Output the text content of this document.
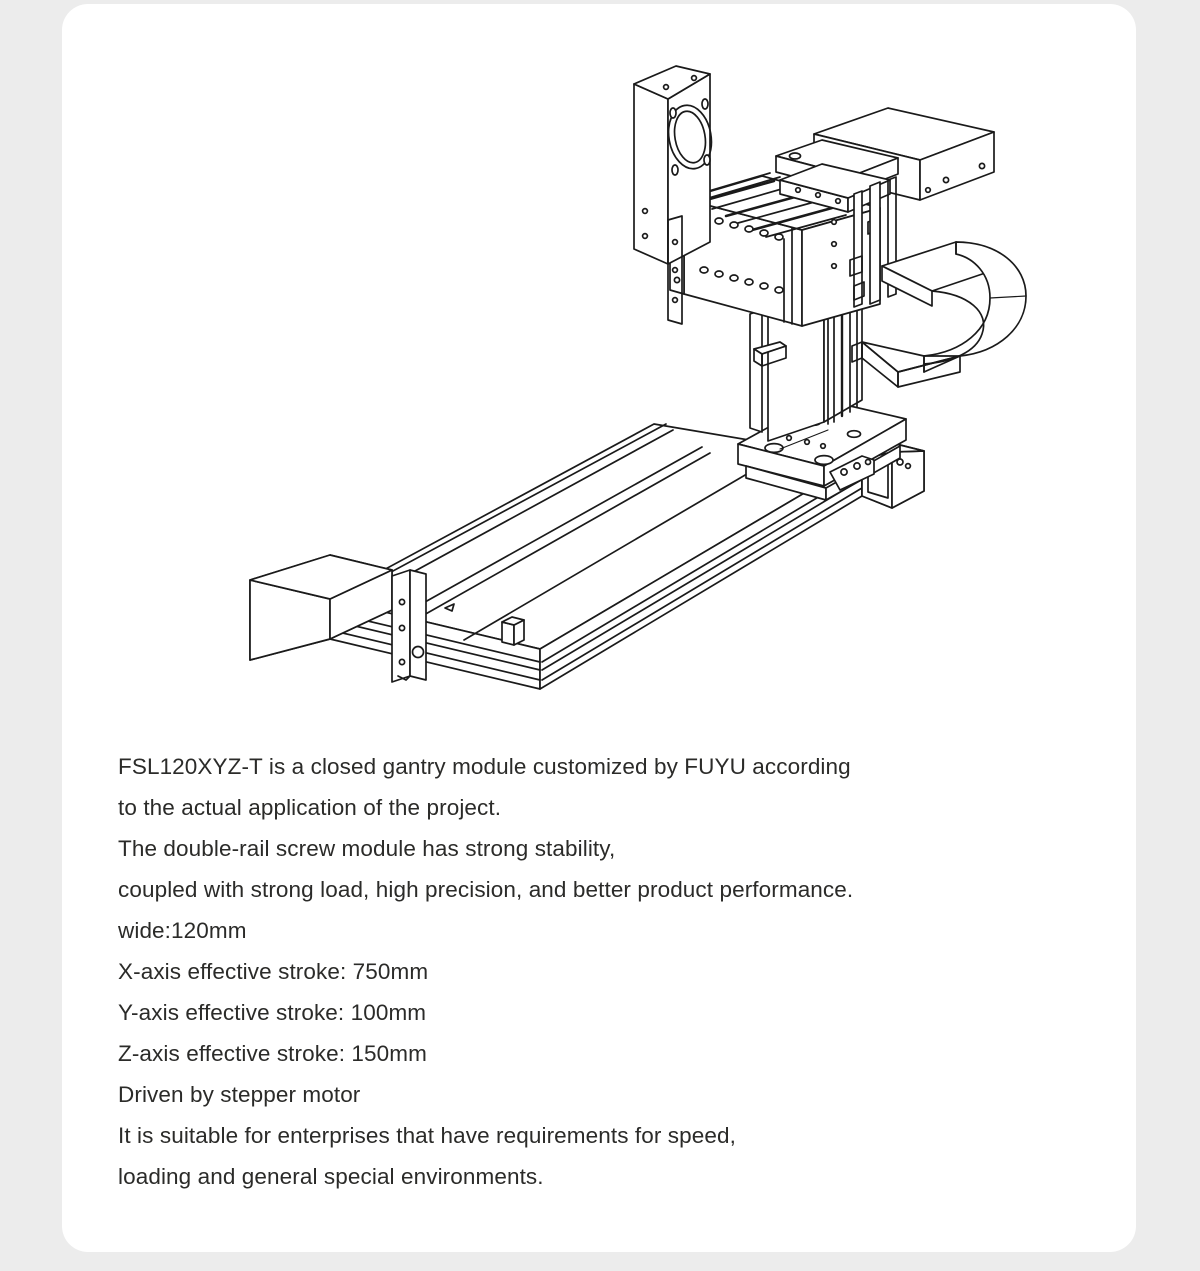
FSL120XYZ-T is a closed gantry module customized by FUYU according
to the actual application of the project.
The double-rail screw module has strong stability,
coupled with strong load, high precision, and better product performance.
wide:120mm
X-axis effective stroke: 750mm
Y-axis effective stroke: 100mm
Z-axis effective stroke: 150mm
Driven by stepper motor
It is suitable for enterprises that have requirements for speed,
loading and general special environments.
